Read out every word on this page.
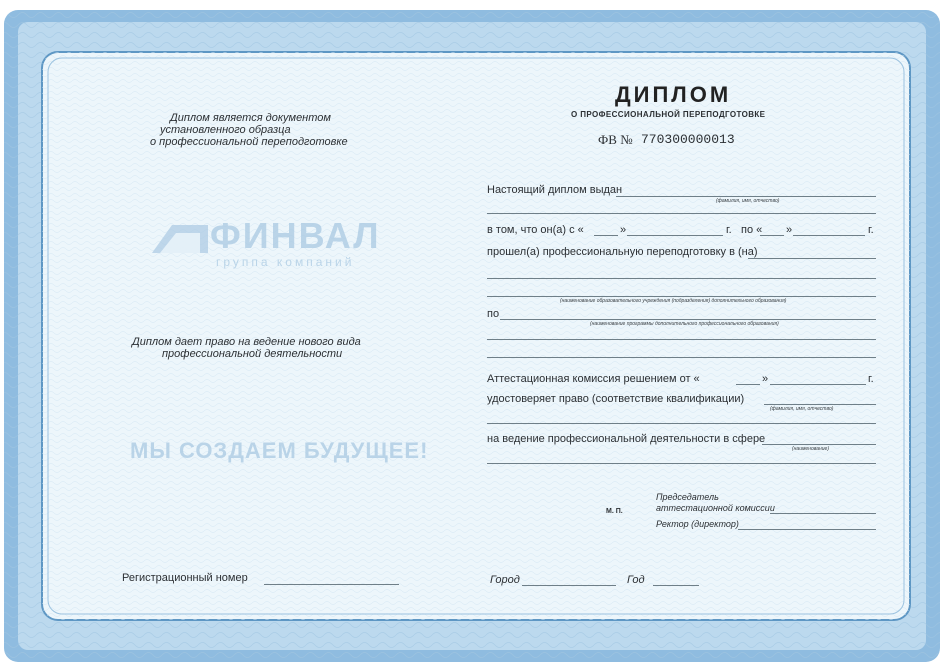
Диплом является документом
установленного образца
о профессиональной переподготовке
ФИНВАЛ
группа компаний
Диплом дает право на ведение нового вида
профессиональной деятельности
МЫ СОЗДАЕМ БУДУЩЕЕ!
Регистрационный номер
ДИПЛОМ
О ПРОФЕССИОНАЛЬНОЙ ПЕРЕПОДГОТОВКЕ
ФВ № 770300000013
Настоящий диплом выдан
(фамилия, имя, отчество)
в том, что он(а) с «	»	г. по « »	г.
прошел(а) профессиональную переподготовку в (на)
(наименование образовательного учреждения (подразделения) дополнительного образования)
по
(наименование программы дополнительного профессионального образования)
Аттестационная комиссия решением от «	»	г.
удостоверяет право (соответствие квалификации)
(фамилия, имя, отчество)
на ведение профессиональной деятельности в сфере
(наименование)
М. П.
Председатель
аттестационной комиссии
Ректор (директор)
Город	Год
